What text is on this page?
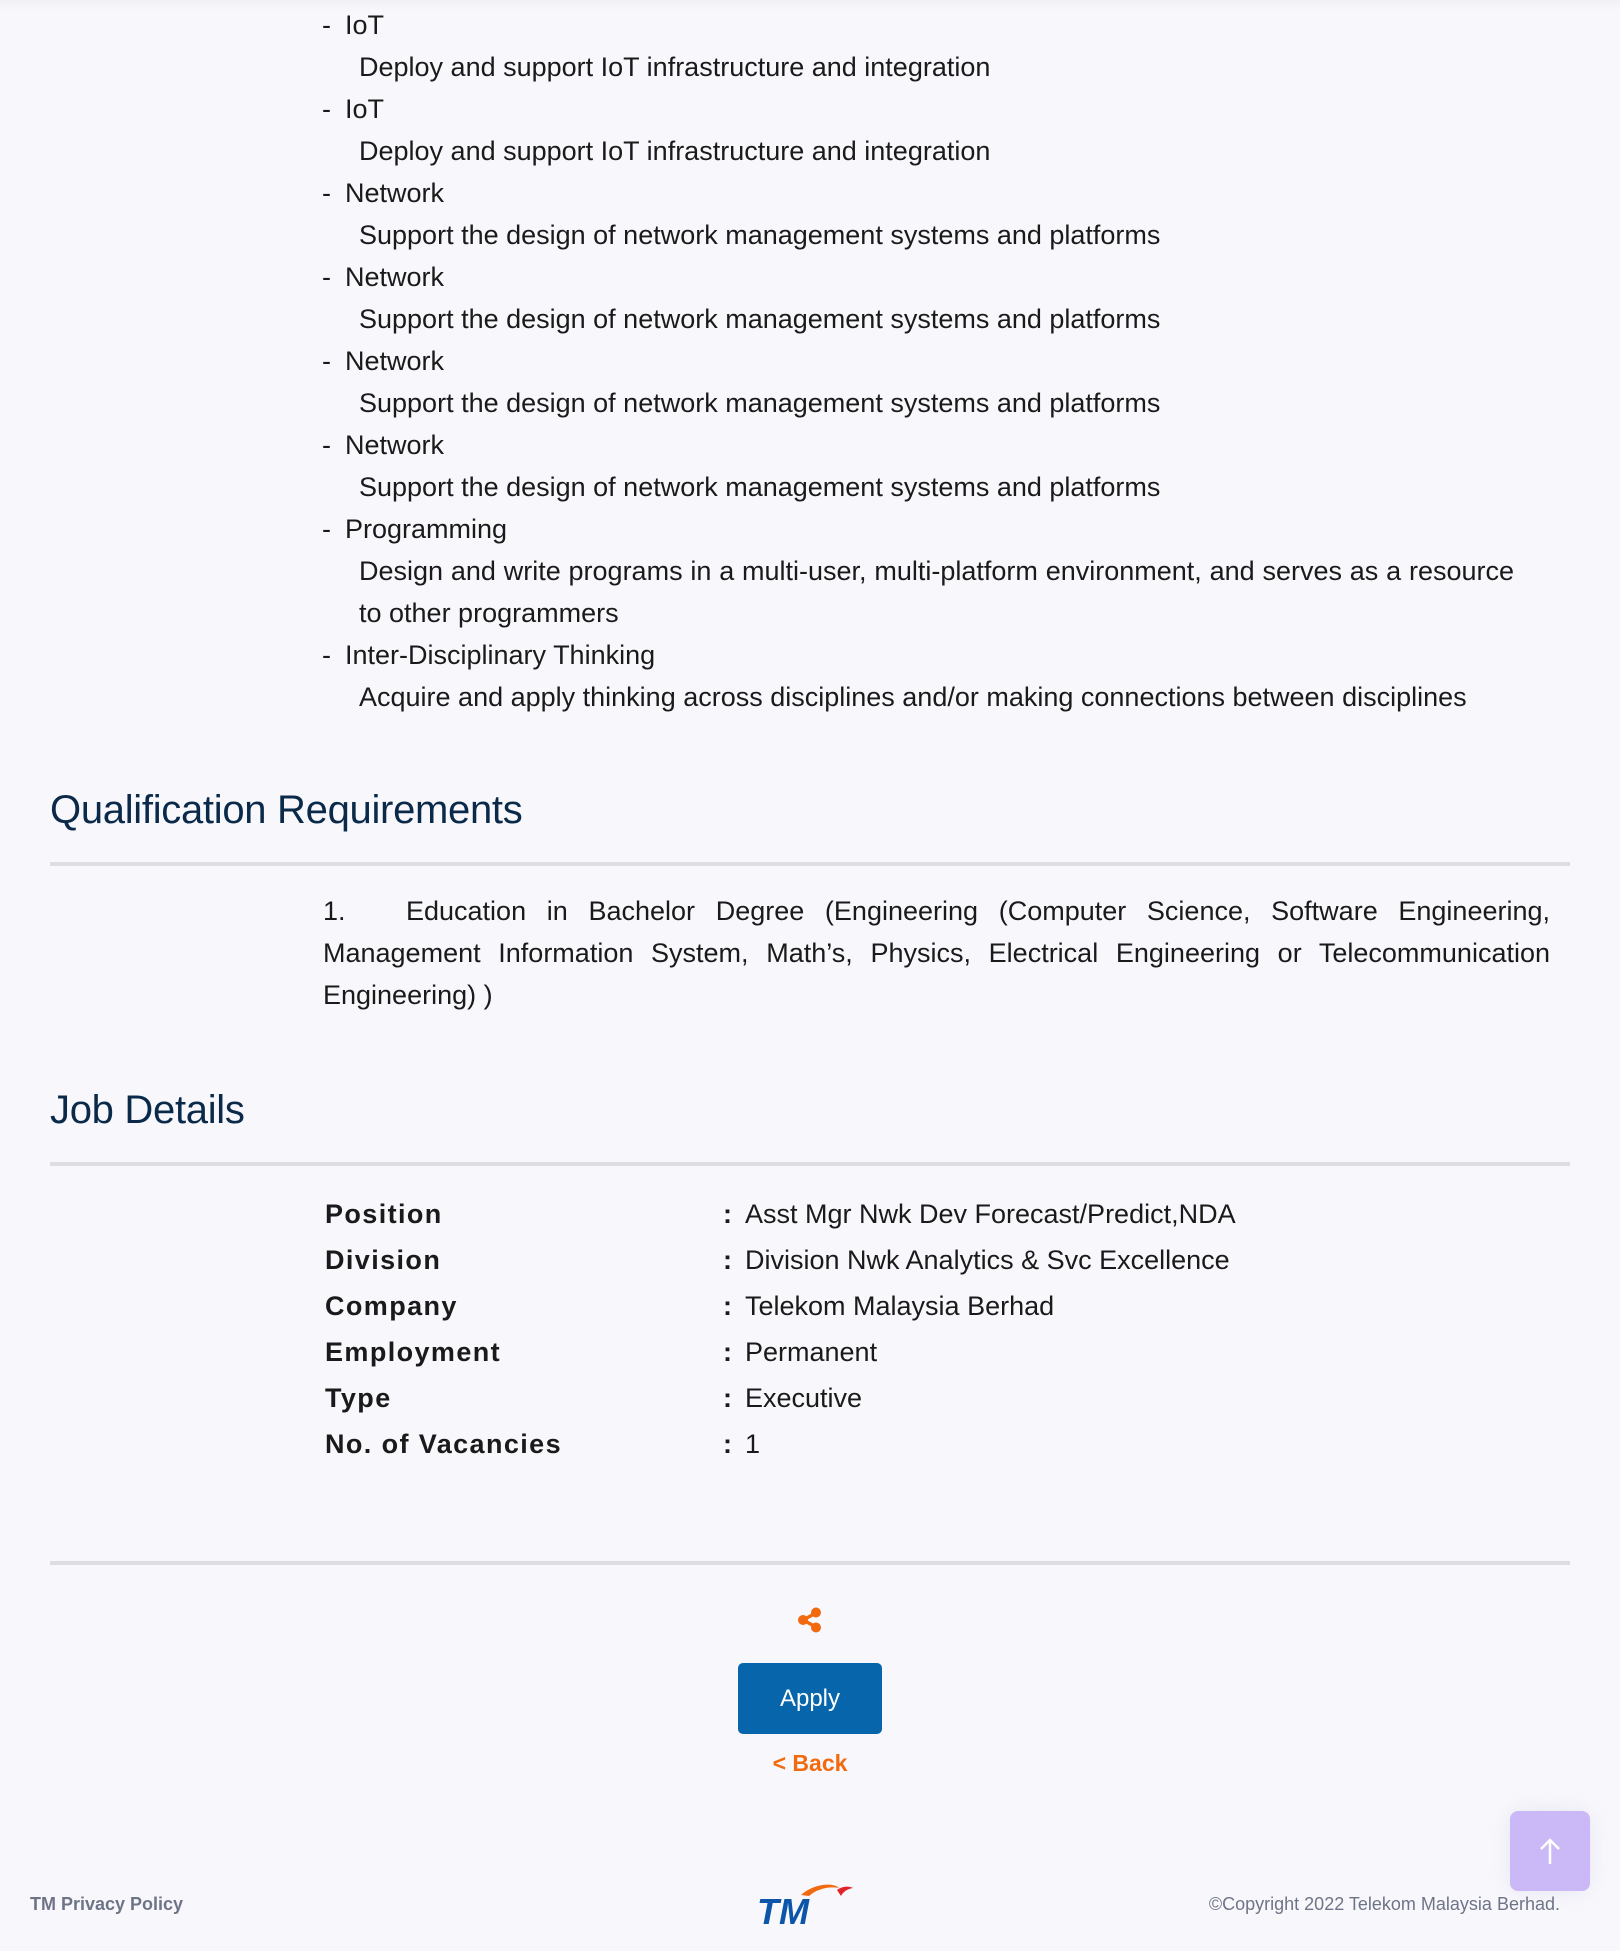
- IoT
Deploy and support IoT infrastructure and integration
- IoT
Deploy and support IoT infrastructure and integration
- Network
Support the design of network management systems and platforms
- Network
Support the design of network management systems and platforms
- Network
Support the design of network management systems and platforms
- Network
Support the design of network management systems and platforms
- Programming
Design and write programs in a multi-user, multi-platform environment, and serves as a resource to other programmers
- Inter-Disciplinary Thinking
Acquire and apply thinking across disciplines and/or making connections between disciplines
Qualification Requirements
1. Education in Bachelor Degree (Engineering (Computer Science, Software Engineering, Management Information System, Math’s, Physics, Electrical Engineering or Telecommunication Engineering) )
Job Details
Position	: Asst Mgr Nwk Dev Forecast/Predict,NDA
Division	: Division Nwk Analytics & Svc Excellence
Company	: Telekom Malaysia Berhad
Employment	: Permanent
Type	: Executive
No. of Vacancies	: 1
Apply
< Back
TM Privacy Policy	TM	©Copyright 2022 Telekom Malaysia Berhad.
